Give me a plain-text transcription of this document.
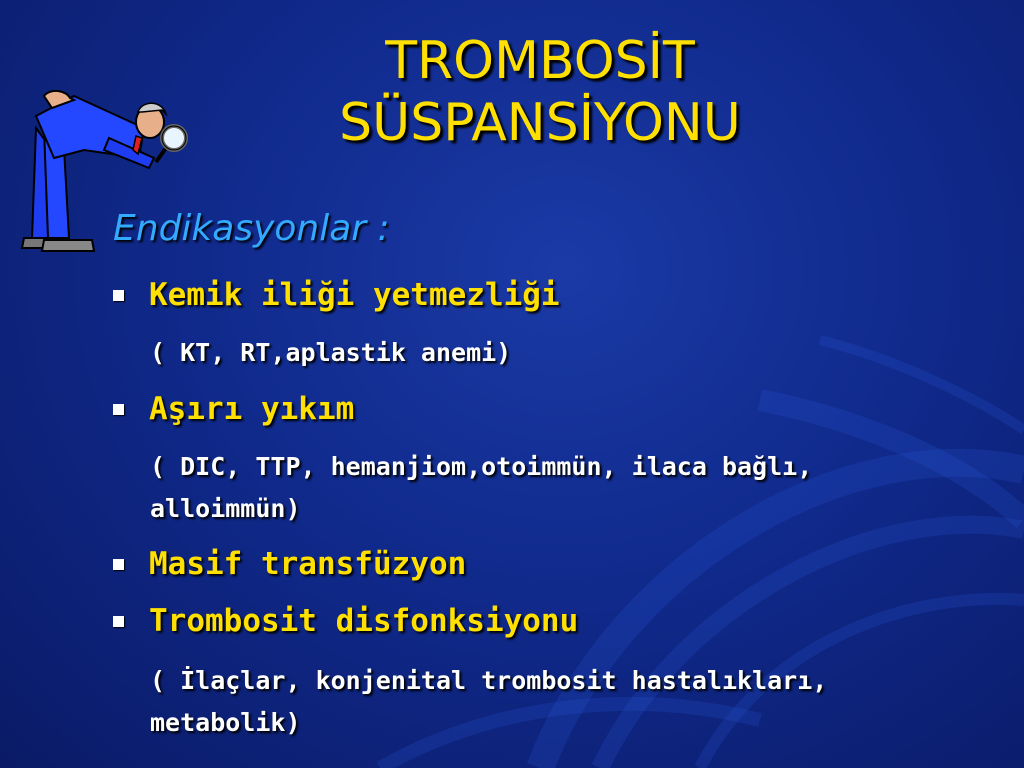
TROMBOSİT
SÜSPANSİYONU
Endikasyonlar :
Kemik iliği yetmezliği
( KT, RT,aplastik anemi)
Aşırı yıkım
( DIC, TTP, hemanjiom,otoimmün, ilaca bağlı,
alloimmün)
Masif transfüzyon
Trombosit disfonksiyonu
( İlaçlar, konjenital trombosit hastalıkları,
metabolik)
